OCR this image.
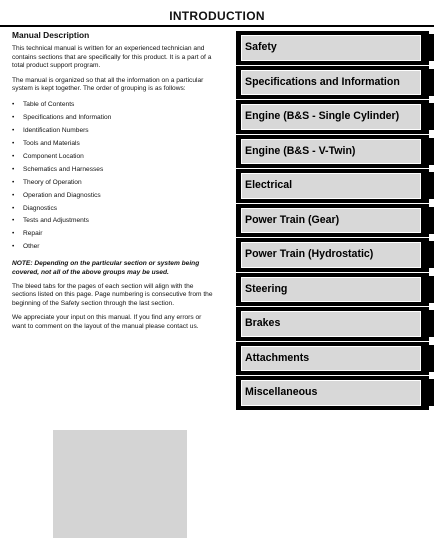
INTRODUCTION
Manual Description

This technical manual is written for an experienced technician and contains sections that are specifically for this product. It is a part of a total product support program.

The manual is organized so that all the information on a particular system is kept together. The order of grouping is as follows:

• Table of Contents
• Specifications and Information
• Identification Numbers
• Tools and Materials
• Component Location
• Schematics and Harnesses
• Theory of Operation
• Operation and Diagnostics
• Diagnostics
• Tests and Adjustments
• Repair
• Other

NOTE: Depending on the particular section or system being covered, not all of the above groups may be used.

The bleed tabs for the pages of each section will align with the sections listed on this page. Page numbering is consecutive from the beginning of the Safety section through the last section.

We appreciate your input on this manual. If you find any errors or want to comment on the layout of the manual please contact us.

Safety
Specifications and Information
Engine (B&S - Single Cylinder)
Engine (B&S - V-Twin)
Electrical
Power Train (Gear)
Power Train (Hydrostatic)
Steering
Brakes
Attachments
Miscellaneous
